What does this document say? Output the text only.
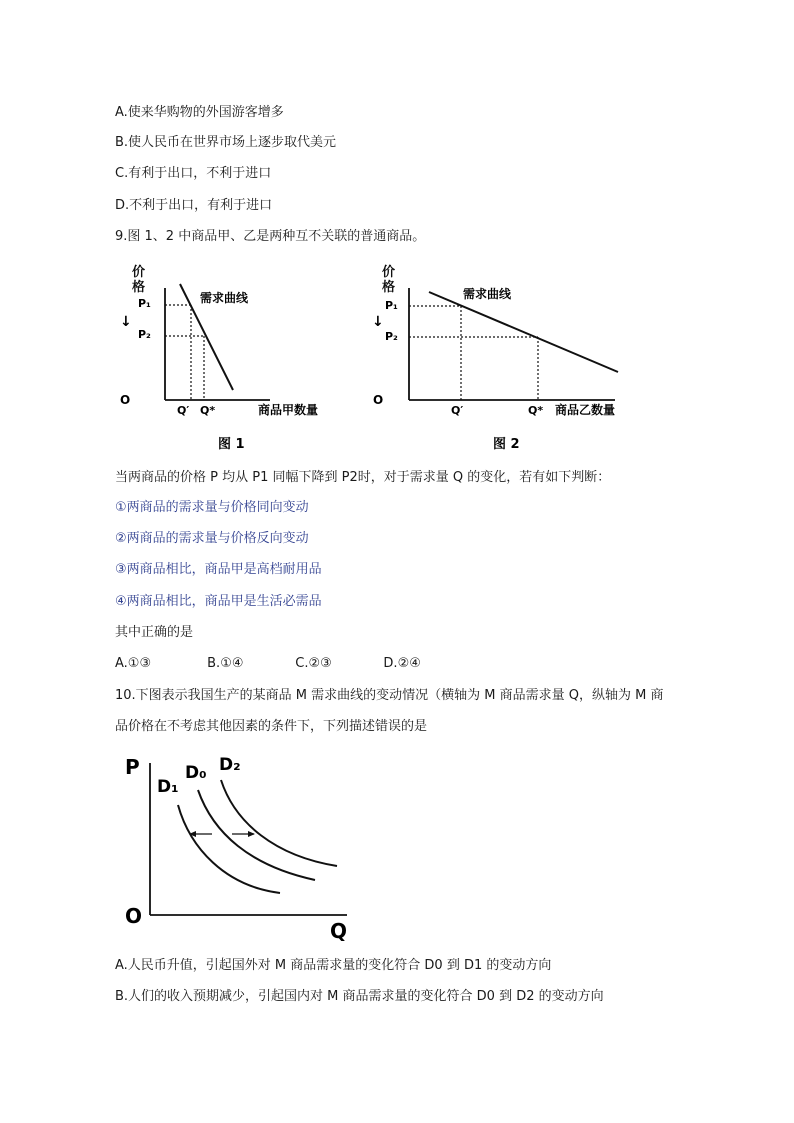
A.使来华购物的外国游客增多
B.使人民币在世界市场上逐步取代美元
C.有利于出口，不利于进口
D.不利于出口，有利于进口
9.图 1、2 中商品甲、乙是两种互不关联的普通商品。
价
格
P₁
P₂
↓
需求曲线
O
Q′ Q*	商品甲数量
图 1
价
格
P₁
P₂
↓
需求曲线
O
Q′	Q* 商品乙数量
图 2
当两商品的价格 P 均从 P1 同幅下降到 P2时，对于需求量 Q 的变化，若有如下判断：
①两商品的需求量与价格同向变动
②两商品的需求量与价格反向变动
③两商品相比，商品甲是高档耐用品
④两商品相比，商品甲是生活必需品
其中正确的是
A.①③	B.①④	C.②③	D.②④
10.下图表示我国生产的某商品 M 需求曲线的变动情况（横轴为 M 商品需求量 Q，纵轴为 M 商
品价格在不考虑其他因素的条件下，下列描述错误的是
P
O
Q
D₁
D₀ D₂
A.人民币升值，引起国外对 M 商品需求量的变化符合 D0 到 D1 的变动方向
B.人们的收入预期减少，引起国内对 M 商品需求量的变化符合 D0 到 D2 的变动方向
